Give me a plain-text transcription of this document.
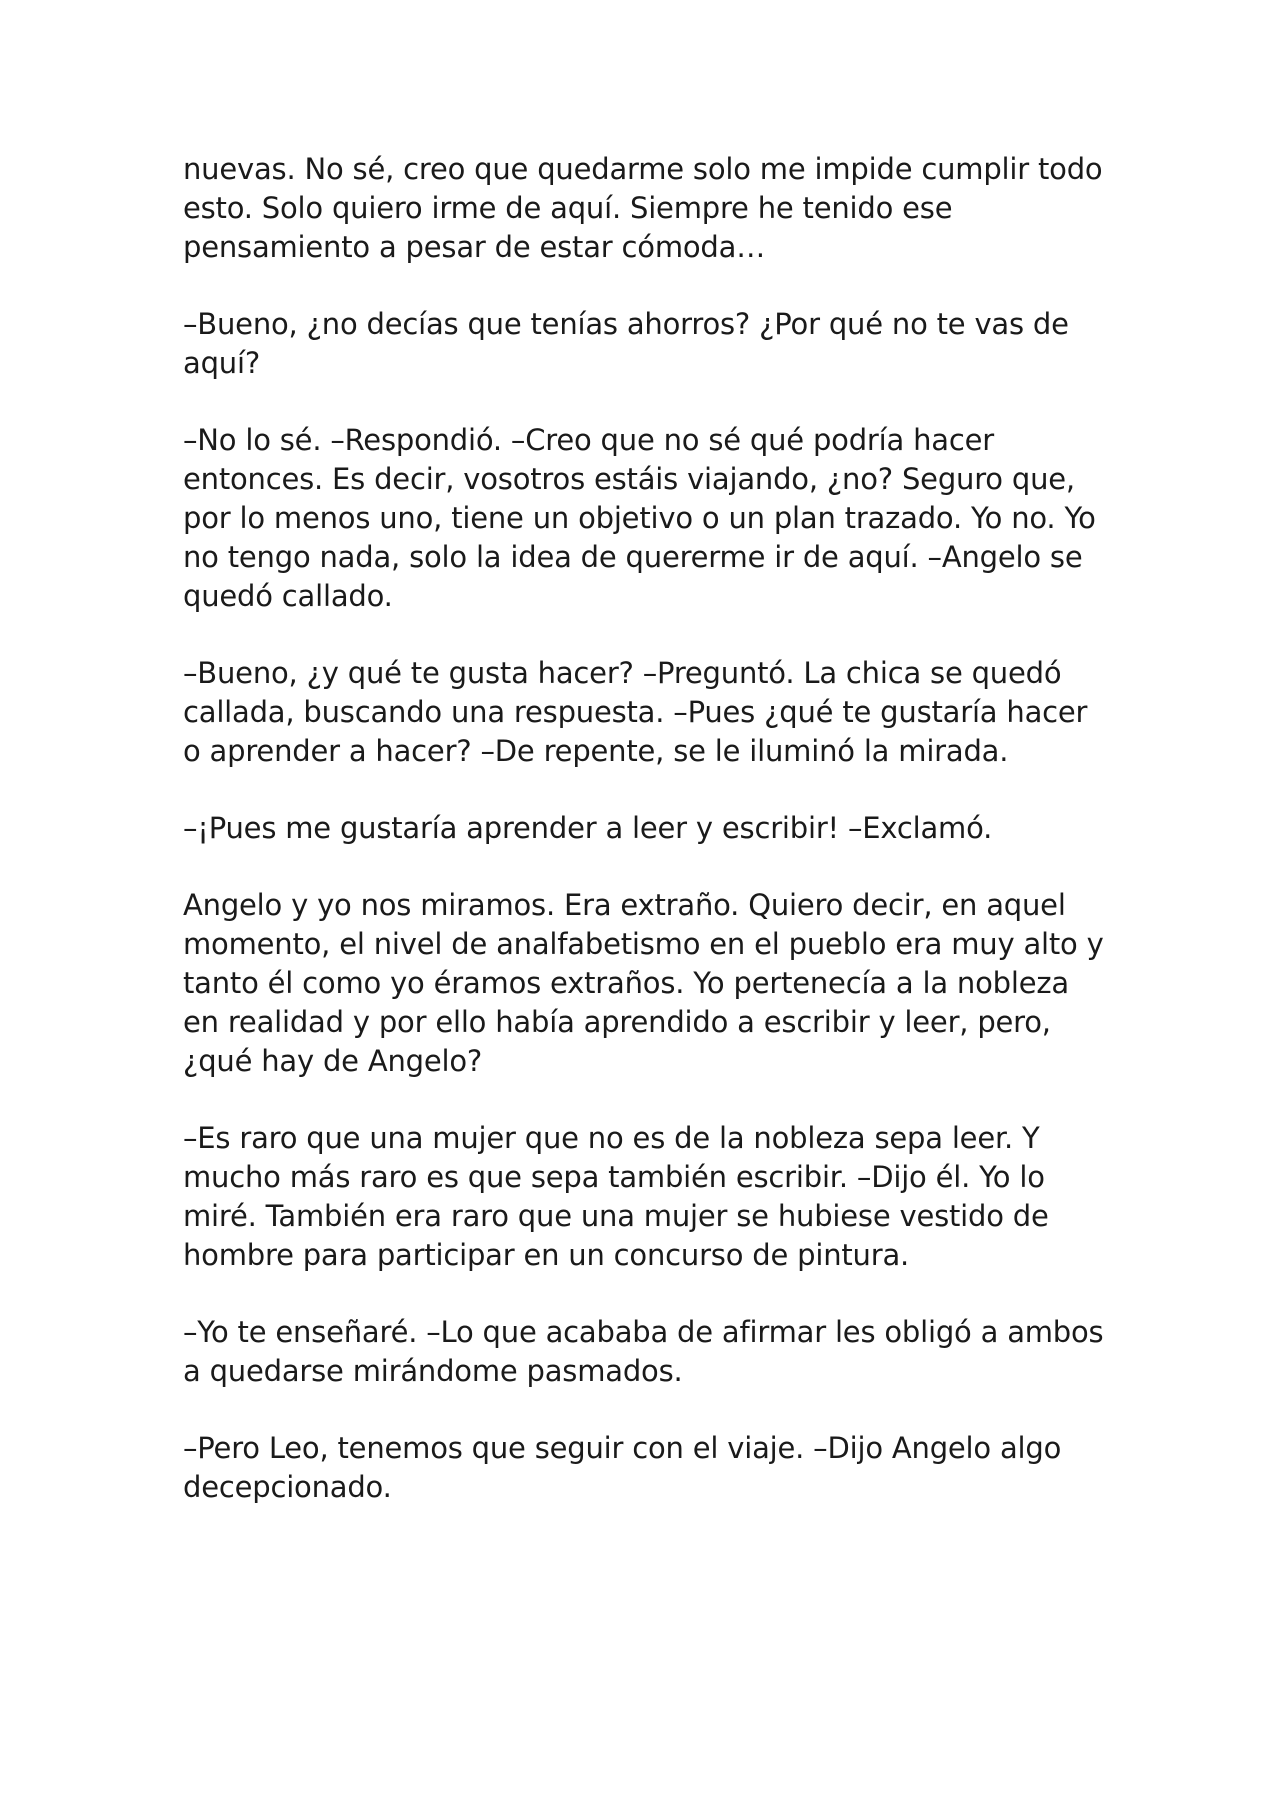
nuevas. No sé, creo que quedarme solo me impide cumplir todo esto. Solo quiero irme de aquí. Siempre he tenido ese pensamiento a pesar de estar cómoda…

–Bueno, ¿no decías que tenías ahorros? ¿Por qué no te vas de aquí?

–No lo sé. –Respondió. –Creo que no sé qué podría hacer entonces. Es decir, vosotros estáis viajando, ¿no? Seguro que, por lo menos uno, tiene un objetivo o un plan trazado. Yo no. Yo no tengo nada, solo la idea de quererme ir de aquí. –Angelo se quedó callado.

–Bueno, ¿y qué te gusta hacer? –Preguntó. La chica se quedó callada, buscando una respuesta. –Pues ¿qué te gustaría hacer o aprender a hacer? –De repente, se le iluminó la mirada.

–¡Pues me gustaría aprender a leer y escribir! –Exclamó.

Angelo y yo nos miramos. Era extraño. Quiero decir, en aquel momento, el nivel de analfabetismo en el pueblo era muy alto y tanto él como yo éramos extraños. Yo pertenecía a la nobleza en realidad y por ello había aprendido a escribir y leer, pero, ¿qué hay de Angelo?

–Es raro que una mujer que no es de la nobleza sepa leer. Y mucho más raro es que sepa también escribir. –Dijo él. Yo lo miré. También era raro que una mujer se hubiese vestido de hombre para participar en un concurso de pintura.

–Yo te enseñaré. –Lo que acababa de afirmar les obligó a ambos a quedarse mirándome pasmados.

–Pero Leo, tenemos que seguir con el viaje. –Dijo Angelo algo decepcionado.
